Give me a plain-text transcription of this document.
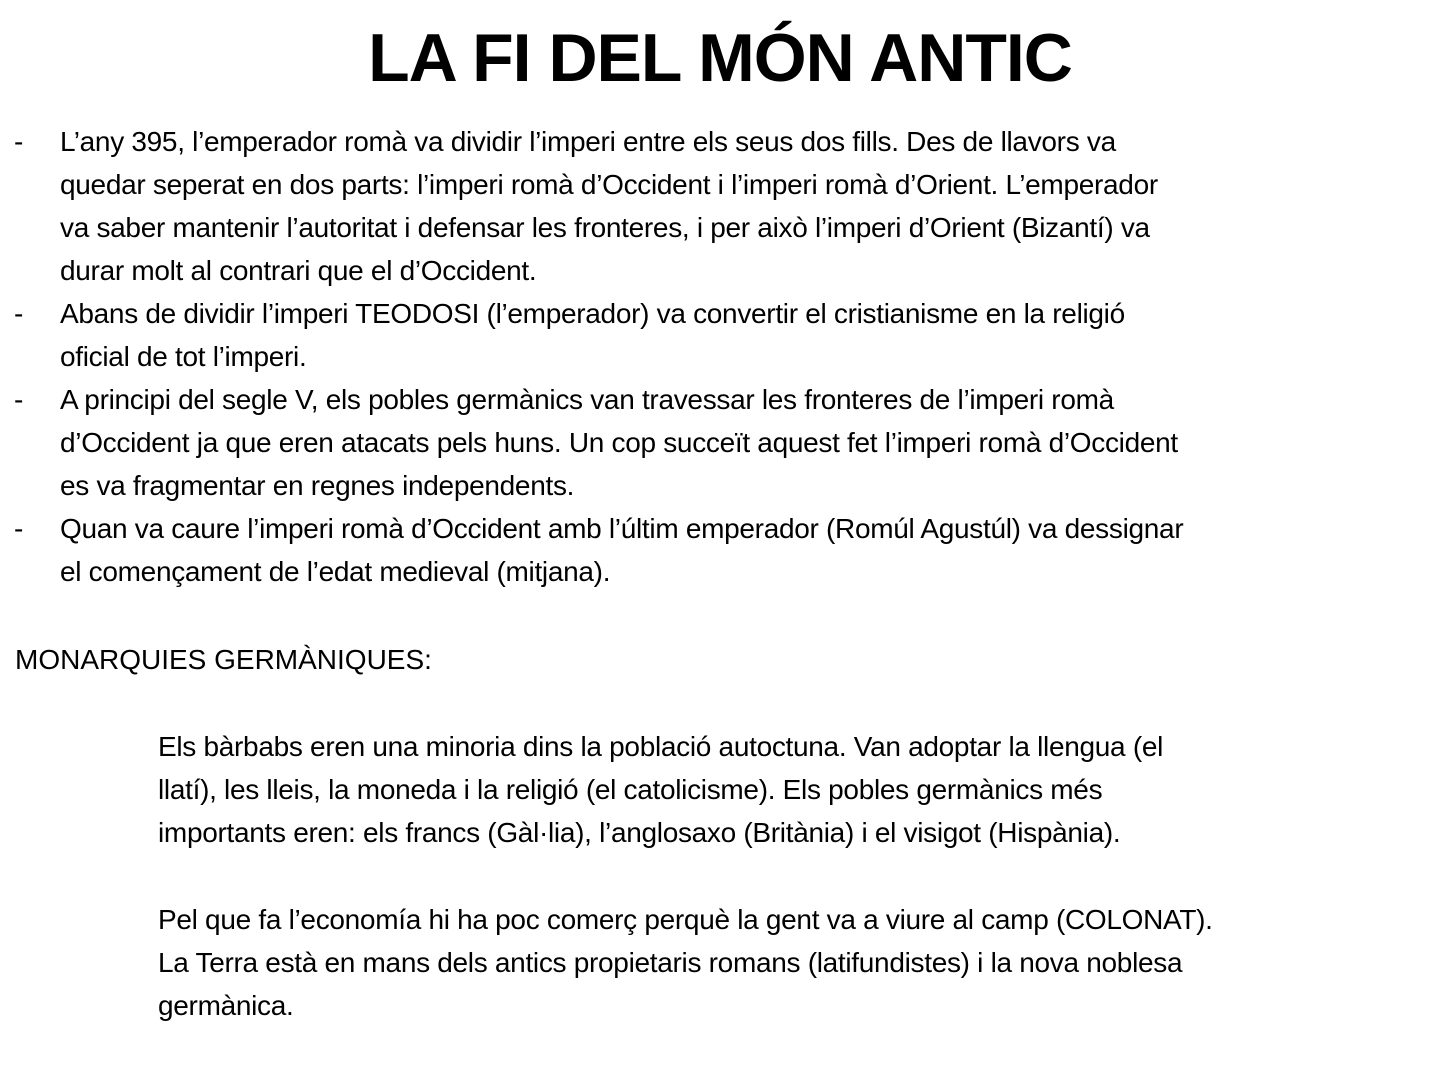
LA FI DEL MÓN ANTIC
- L’any 395, l’emperador romà va dividir l’imperi entre els seus dos fills. Des de llavors va
quedar seperat en dos parts: l’imperi romà d’Occident i l’imperi romà d’Orient. L’emperador
va saber mantenir l’autoritat i defensar les fronteres, i per això l’imperi d’Orient (Bizantí) va
durar molt al contrari que el d’Occident.
- Abans de dividir l’imperi TEODOSI (l’emperador) va convertir el cristianisme en la religió
oficial de tot l’imperi.
- A principi del segle V, els pobles germànics van travessar les fronteres de l’imperi romà
d’Occident ja que eren atacats pels huns. Un cop succeït aquest fet l’imperi romà d’Occident
es va fragmentar en regnes independents.
- Quan va caure l’imperi romà d’Occident amb l’últim emperador (Romúl Agustúl) va dessignar
el començament de l’edat medieval (mitjana).
MONARQUIES GERMÀNIQUES:
Els bàrbabs eren una minoria dins la població autoctuna. Van adoptar la llengua (el
llatí), les lleis, la moneda i la religió (el catolicisme). Els pobles germànics més
importants eren: els francs (Gàl·lia), l’anglosaxo (Britània) i el visigot (Hispània).
Pel que fa l’economía hi ha poc comerç perquè la gent va a viure al camp (COLONAT).
La Terra està en mans dels antics propietaris romans (latifundistes) i la nova noblesa
germànica.
